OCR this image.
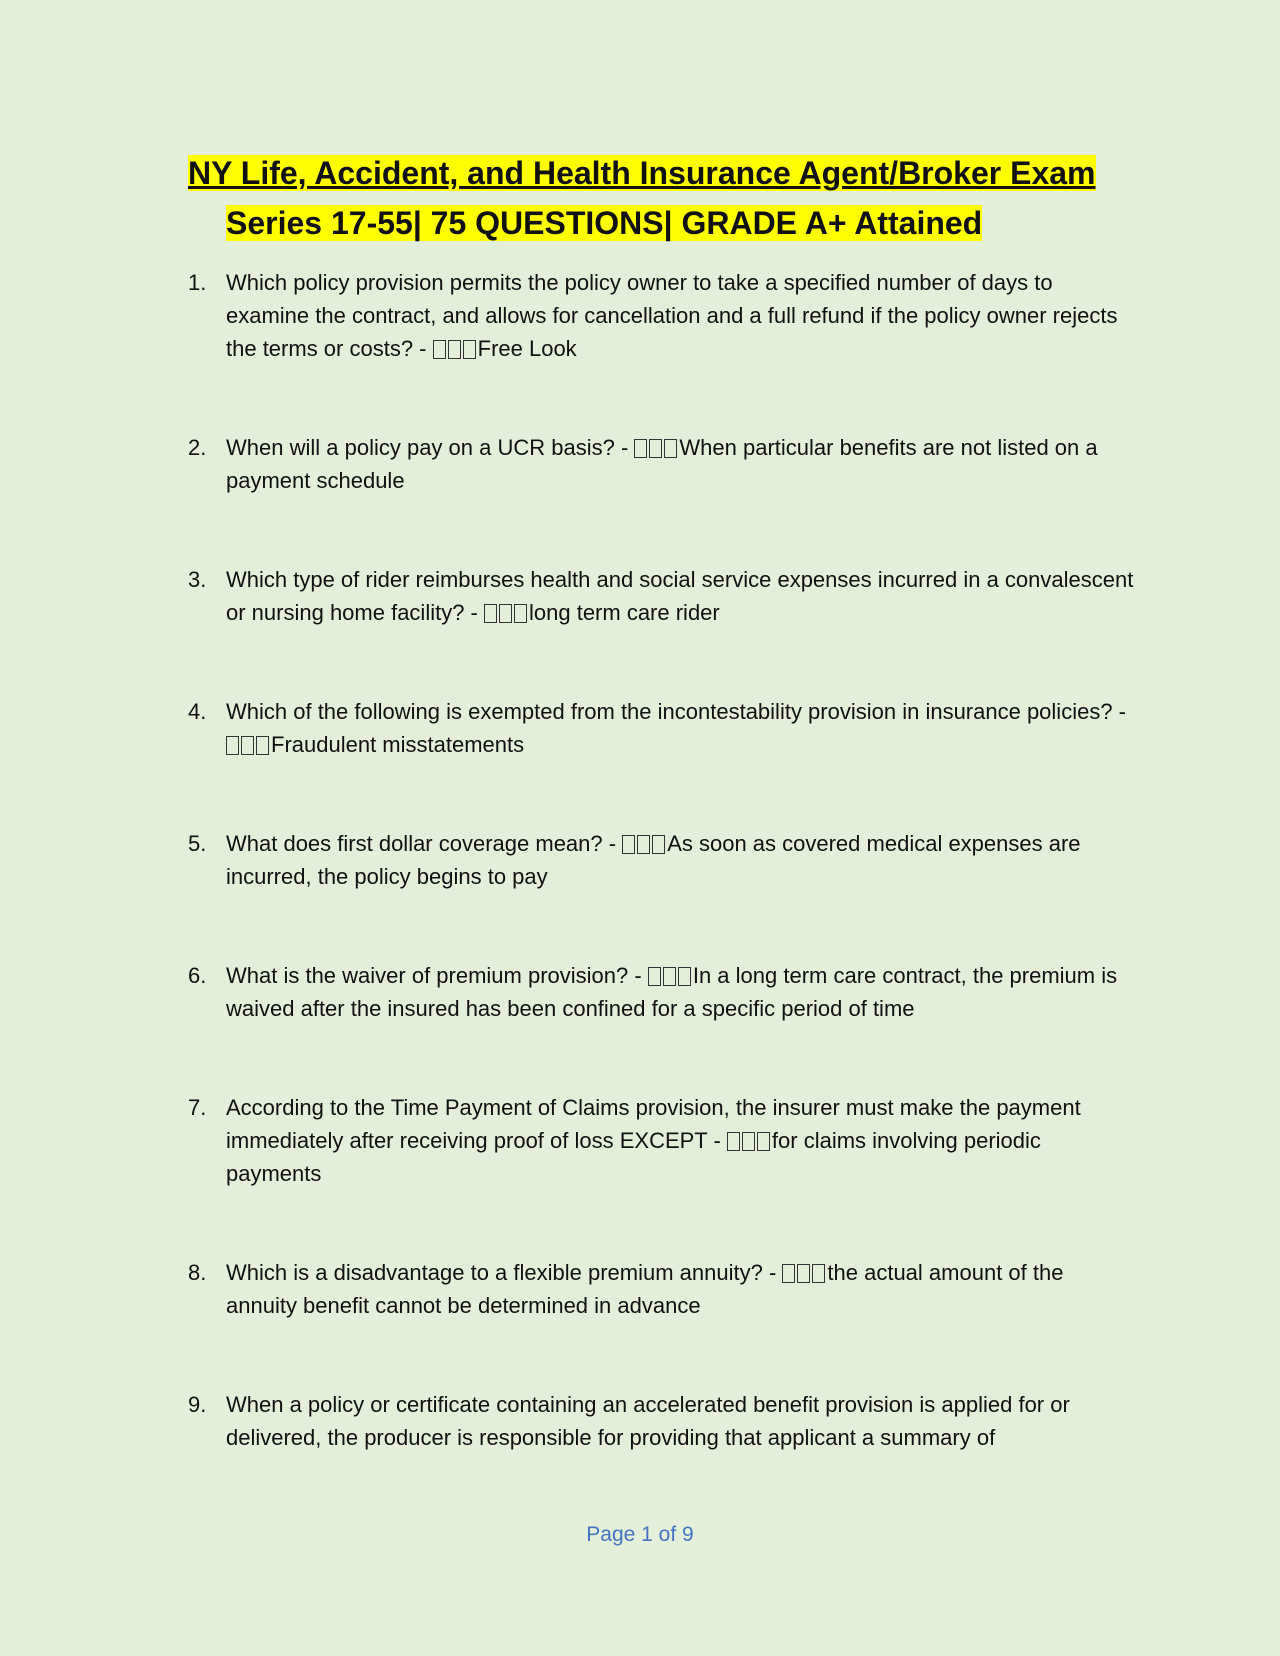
NY Life, Accident, and Health Insurance Agent/Broker Exam
Series 17-55| 75 QUESTIONS| GRADE A+ Attained
1. Which policy provision permits the policy owner to take a specified number of days to examine the contract, and allows for cancellation and a full refund if the policy owner rejects the terms or costs? - Free Look
2. When will a policy pay on a UCR basis? - When particular benefits are not listed on a payment schedule
3. Which type of rider reimburses health and social service expenses incurred in a convalescent or nursing home facility? - long term care rider
4. Which of the following is exempted from the incontestability provision in insurance policies? - Fraudulent misstatements
5. What does first dollar coverage mean? - As soon as covered medical expenses are incurred, the policy begins to pay
6. What is the waiver of premium provision? - In a long term care contract, the premium is waived after the insured has been confined for a specific period of time
7. According to the Time Payment of Claims provision, the insurer must make the payment immediately after receiving proof of loss EXCEPT - for claims involving periodic payments
8. Which is a disadvantage to a flexible premium annuity? - the actual amount of the annuity benefit cannot be determined in advance
9. When a policy or certificate containing an accelerated benefit provision is applied for or delivered, the producer is responsible for providing that applicant a summary of
Page 1 of 9
